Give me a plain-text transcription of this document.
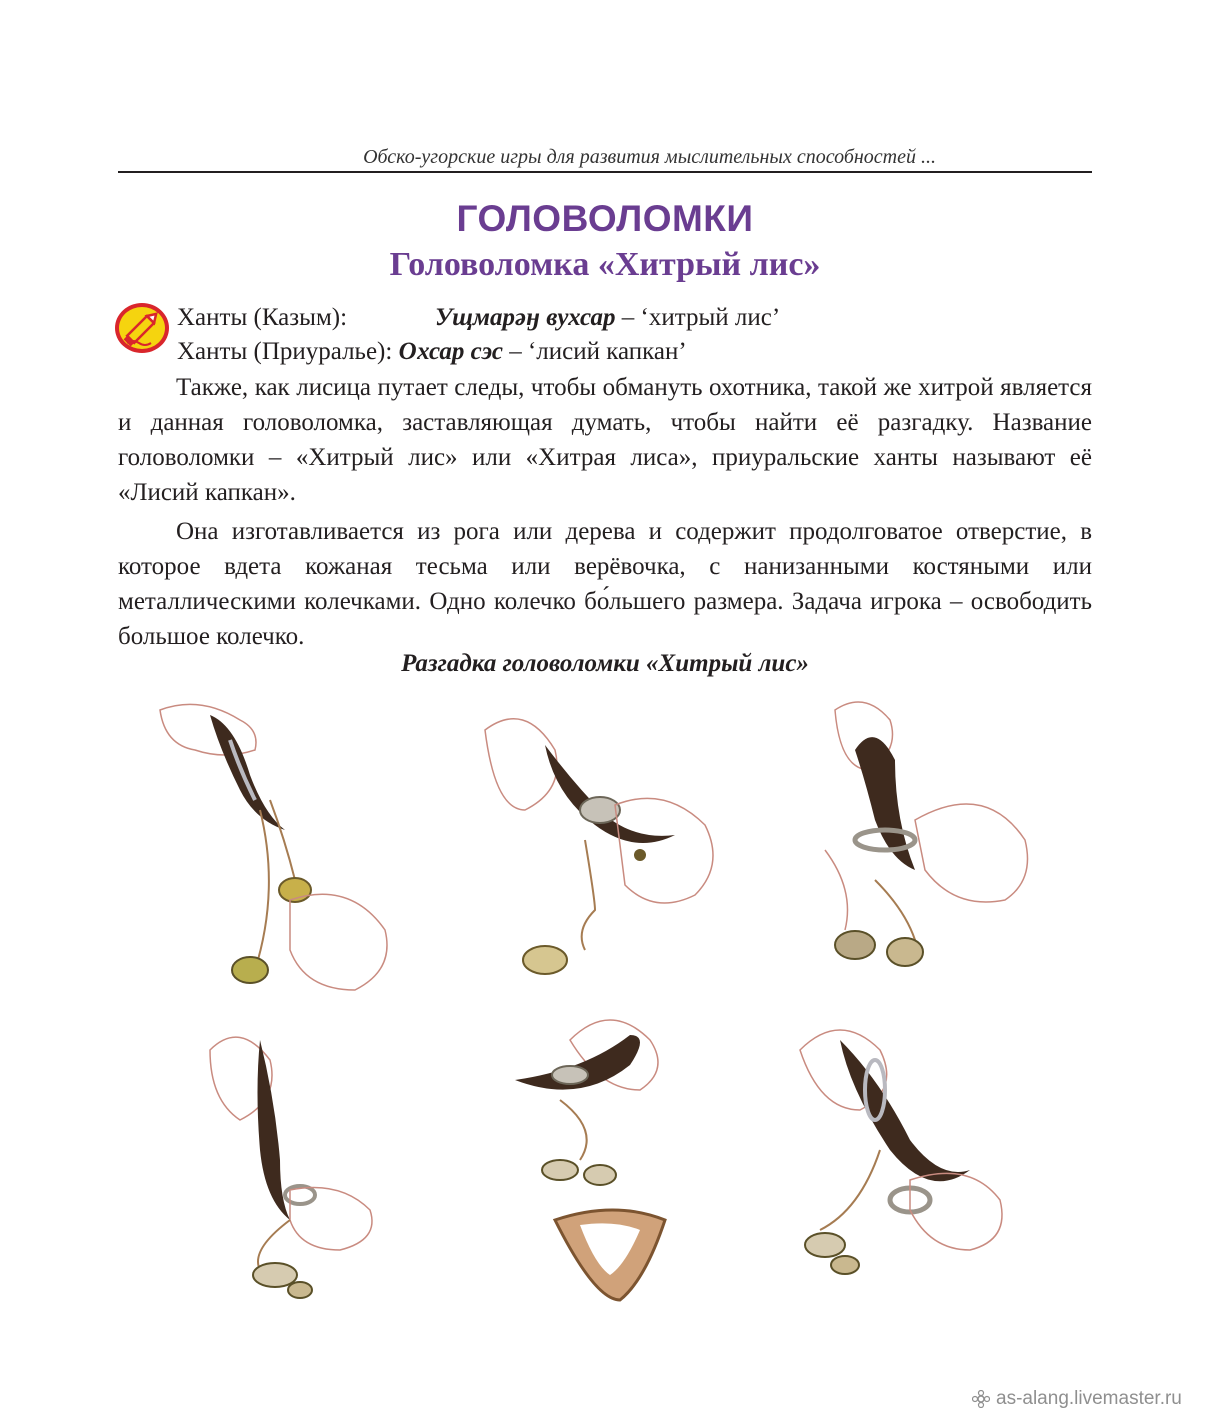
Обско-угорские игры для развития мыслительных способностей ...
ГОЛОВОЛОМКИ
Головоломка «Хитрый лис»
Ханты (Казым):	Ущмарәӈ вухсар – ‘хитрый лис’
Ханты (Приуралье): Охсар сэс – ‘лисий капкан’

Также, как лисица путает следы, чтобы обмануть охотника, такой же хитрой является и данная головоломка, заставляющая думать, чтобы найти её разгадку. Название головоломки – «Хитрый лис» или «Хитрая лиса», приуральские ханты называют её «Лисий капкан».

Она изготавливается из рога или дерева и содержит продолговатое отверстие, в которое вдета кожаная тесьма или верёвочка, с нанизанными костяными или металлическими колечками. Одно колечко бо́льшего размера. Задача игрока – освободить большое колечко.

Разгадка головоломки «Хитрый лис»
as-alang.livemaster.ru
